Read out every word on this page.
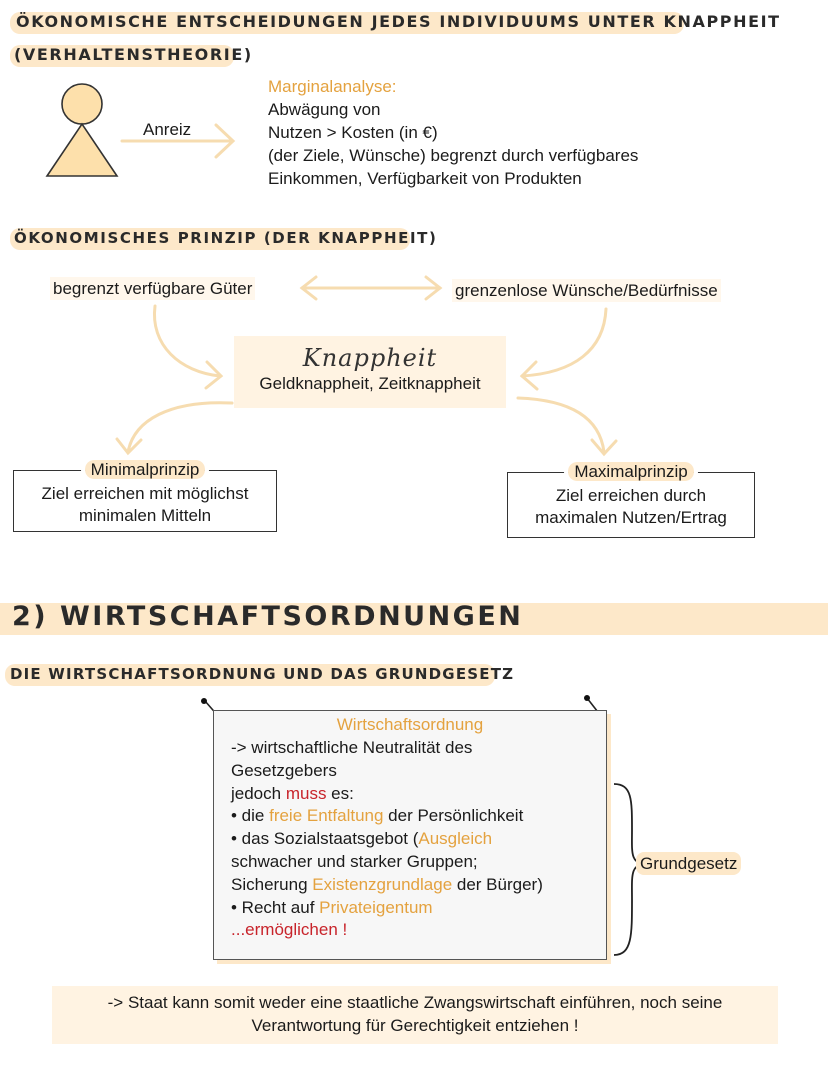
ÖKONOMISCHE ENTSCHEIDUNGEN JEDES INDIVIDUUMS UNTER KNAPPHEIT
(VERHALTENSTHEORIE)
Anreiz
Marginalanalyse:
Abwägung von
Nutzen > Kosten (in €)
(der Ziele, Wünsche) begrenzt durch verfügbares
Einkommen, Verfügbarkeit von Produkten
ÖKONOMISCHES PRINZIP (DER KNAPPHEIT)
begrenzt verfügbare Güter	grenzenlose Wünsche/Bedürfnisse
Knappheit
Geldknappheit, Zeitknappheit
Minimalprinzip
Ziel erreichen mit möglichst
minimalen Mitteln
Maximalprinzip
Ziel erreichen durch
maximalen Nutzen/Ertrag
2) WIRTSCHAFTSORDNUNGEN
DIE WIRTSCHAFTSORDNUNG UND DAS GRUNDGESETZ
Wirtschaftsordnung
-> wirtschaftliche Neutralität des
Gesetzgebers
jedoch muss es:
• die freie Entfaltung der Persönlichkeit
• das Sozialstaatsgebot (Ausgleich
schwacher und starker Gruppen;
Sicherung Existenzgrundlage der Bürger)
• Recht auf Privateigentum
...ermöglichen !
Grundgesetz
-> Staat kann somit weder eine staatliche Zwangswirtschaft einführen, noch seine
Verantwortung für Gerechtigkeit entziehen !
